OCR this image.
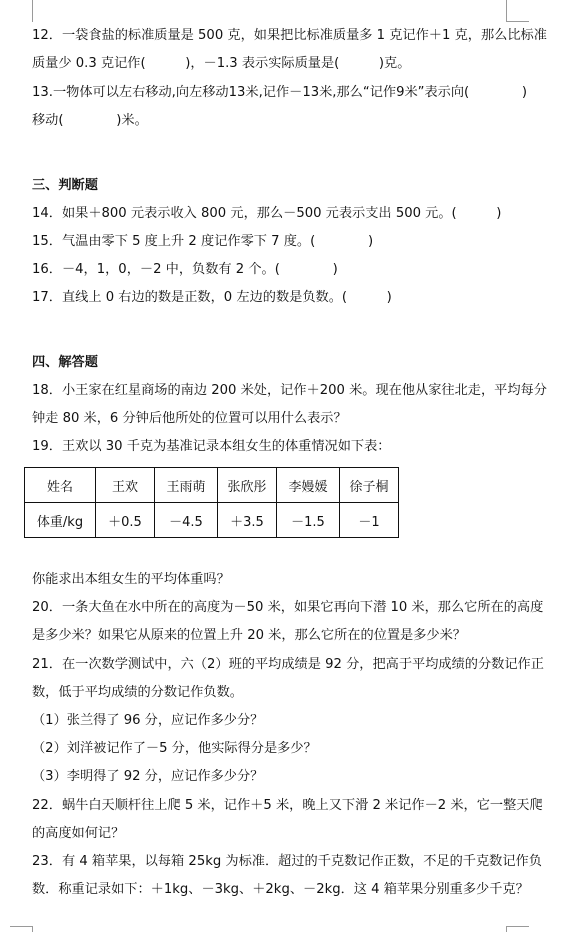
12．一袋食盐的标准质量是 500 克，如果把比标准质量多 1 克记作＋1 克，那么比标准
质量少 0.3 克记作(　　　)，－1.3 表示实际质量是(　　　)克。
13.一物体可以左右移动,向左移动13米,记作－13米,那么“记作9米”表示向(　　　　)
移动(　　　　)米。
三、判断题
14．如果＋800 元表示收入 800 元，那么－500 元表示支出 500 元。(　　　)
15．气温由零下 5 度上升 2 度记作零下 7 度。(　　　　)
16．－4，1，0，－2 中，负数有 2 个。(　　　　)
17．直线上 0 右边的数是正数，0 左边的数是负数。(　　　)
四、解答题
18．小王家在红星商场的南边 200 米处，记作＋200 米。现在他从家往北走，平均每分
钟走 80 米，6 分钟后他所处的位置可以用什么表示？
19．王欢以 30 千克为基准记录本组女生的体重情况如下表：
姓名	王欢	王雨萌	张欣彤	李嫚媛	徐子桐
体重/kg	＋0.5	－4.5	＋3.5	－1.5	－1
你能求出本组女生的平均体重吗？
20．一条大鱼在水中所在的高度为－50 米，如果它再向下潜 10 米，那么它所在的高度
是多少米？如果它从原来的位置上升 20 米，那么它所在的位置是多少米？
21．在一次数学测试中，六（2）班的平均成绩是 92 分，把高于平均成绩的分数记作正
数，低于平均成绩的分数记作负数。
（1）张兰得了 96 分，应记作多少分？
（2）刘洋被记作了－5 分，他实际得分是多少？
（3）李明得了 92 分，应记作多少分？
22．蜗牛白天顺杆往上爬 5 米，记作＋5 米，晚上又下滑 2 米记作－2 米，它一整天爬
的高度如何记？
23．有 4 箱苹果，以每箱 25kg 为标准．超过的千克数记作正数，不足的千克数记作负
数．称重记录如下：＋1kg、－3kg、＋2kg、－2kg．这 4 箱苹果分别重多少千克？
